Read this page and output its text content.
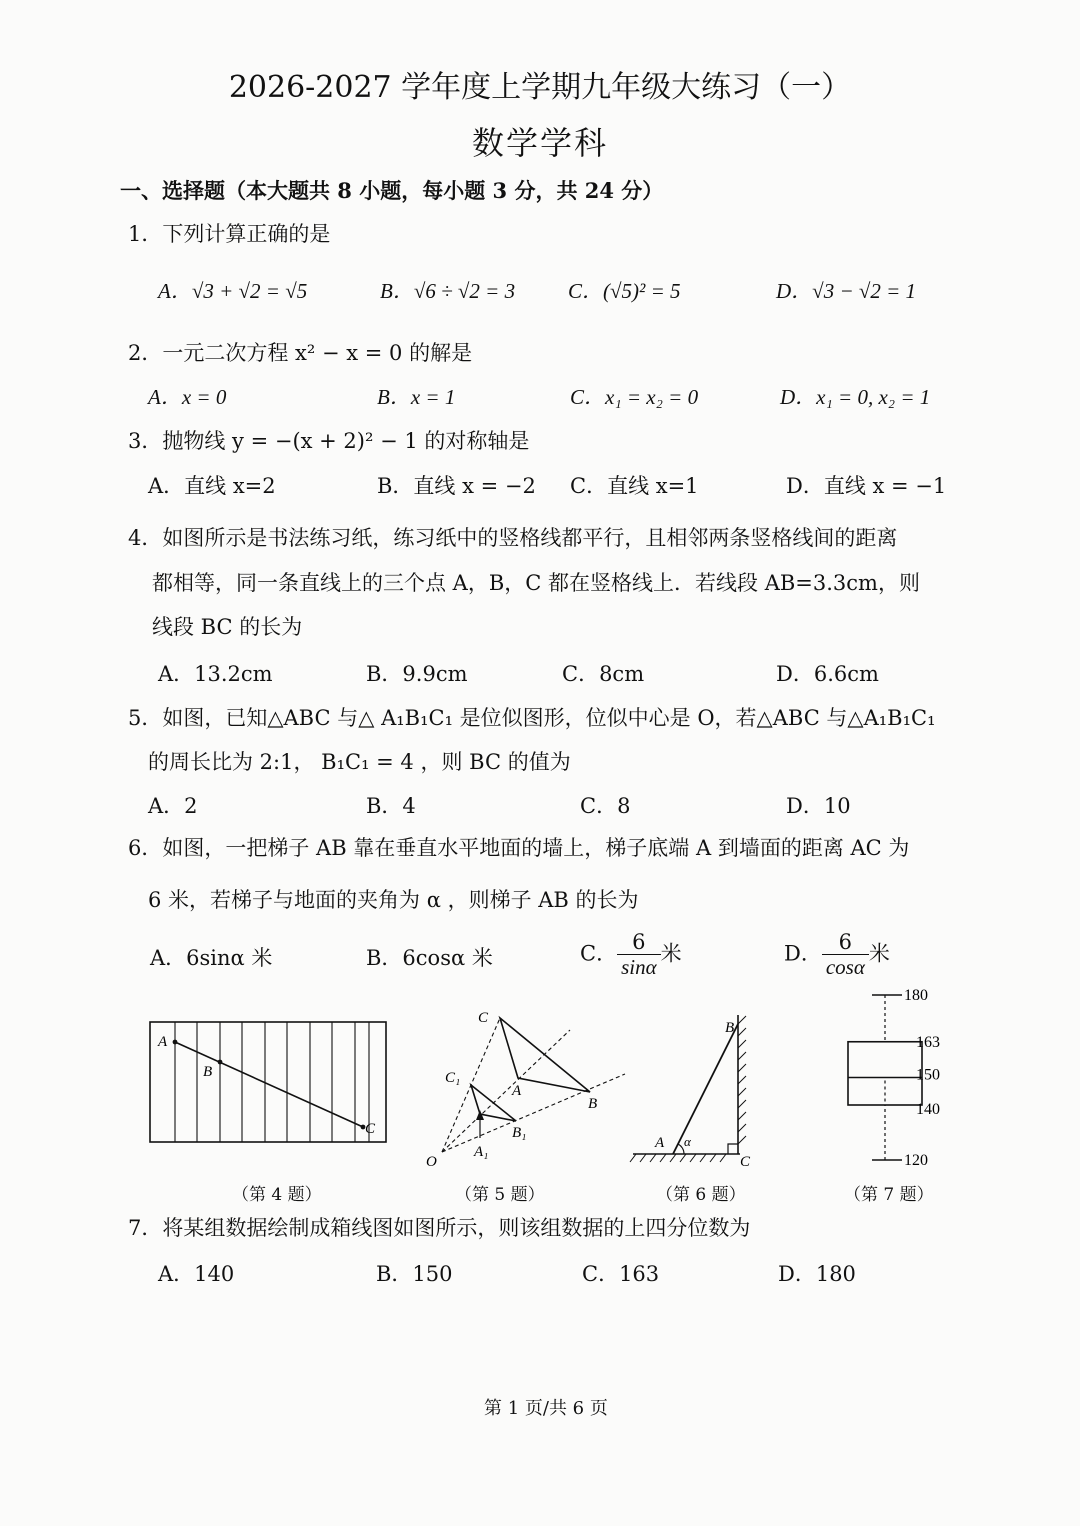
2026-2027 学年度上学期九年级大练习（一）
数学学科
一、选择题（本大题共 8 小题，每小题 3 分，共 24 分）
1．下列计算正确的是
A．√3 + √2 = √5	B．√6 ÷ √2 = 3	C．(√5)² = 5	D．√3 − √2 = 1
2．一元二次方程 x² − x = 0 的解是
A．x = 0	B．x = 1	C．x₁ = x₂ = 0	D．x₁ = 0, x₂ = 1
3．抛物线 y = −(x + 2)² − 1 的对称轴是
A．直线 x=2	B．直线 x = −2 C．直线 x=1	D．直线 x = −1
4．如图所示是书法练习纸，练习纸中的竖格线都平行，且相邻两条竖格线间的距离
都相等，同一条直线上的三个点 A，B，C 都在竖格线上．若线段 AB=3.3cm，则
线段 BC 的长为
A．13.2cm	B．9.9cm	C．8cm	D．6.6cm
5．如图，已知△ABC 与△ A₁B₁C₁ 是位似图形，位似中心是 O，若△ABC 与△A₁B₁C₁
的周长比为 2:1， B₁C₁ = 4 ，则 BC 的值为
A．2	B．4	C．8	D．10
6．如图，一把梯子 AB 靠在垂直水平地面的墙上，梯子底端 A 到墙面的距离 AC 为
6 米，若梯子与地面的夹角为 α ，则梯子 AB 的长为
A．6sinα 米	B．6cosα 米	C． $\frac{6}{\sin\alpha}$ 米	D． $\frac{6}{\cos\alpha}$ 米
A
B
C
（第 4 题）
C
C₁
A
A₁
B
B₁
O
（第 5 题）
A
B
C
α
（第 6 题）
180
163
150
140
120
（第 7 题）
7．将某组数据绘制成箱线图如图所示，则该组数据的上四分位数为
A．140	B．150	C．163	D．180
第 1 页/共 6 页
